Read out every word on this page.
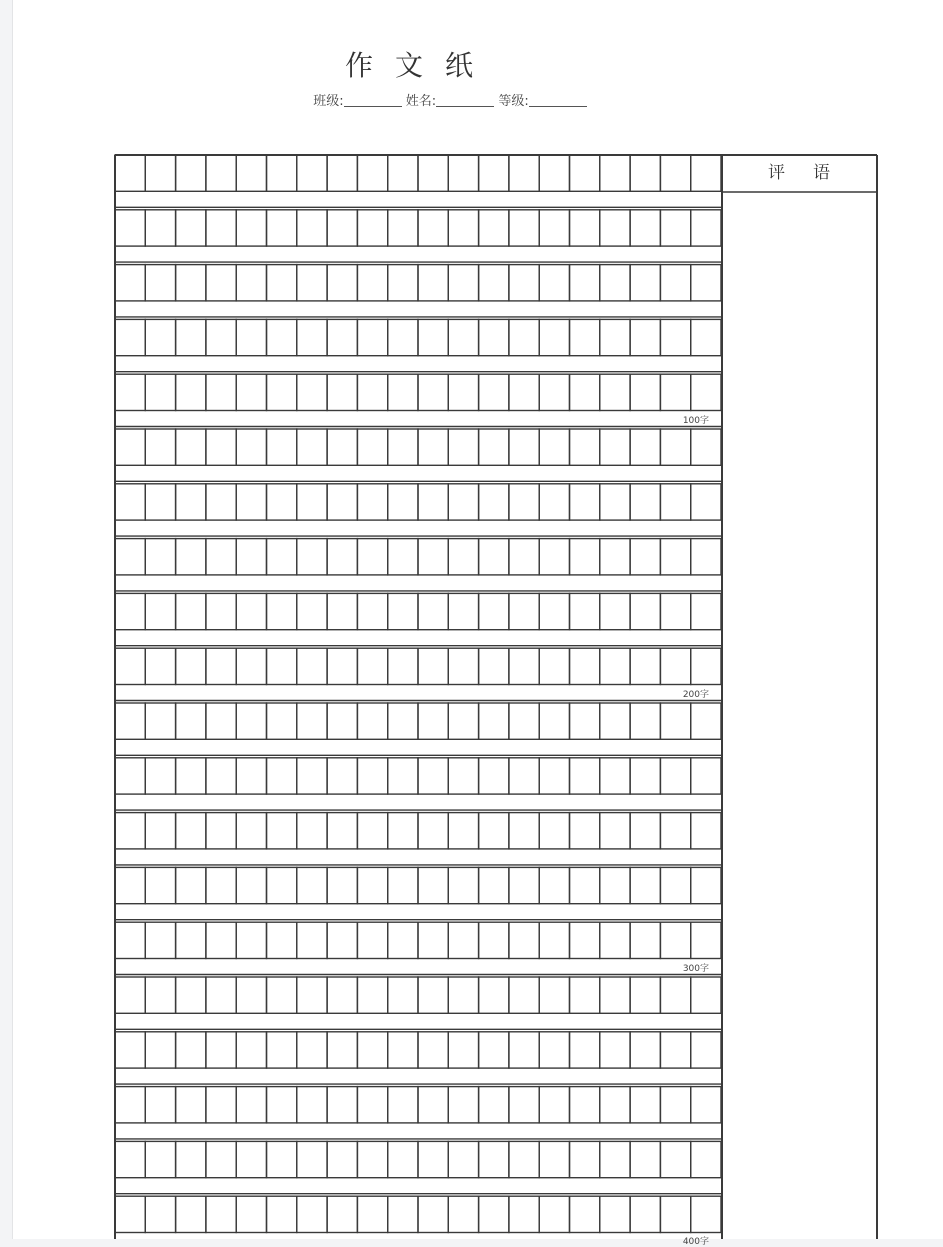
作文纸
班级:	姓名:	等级:
评语
100字
200字
300字
400字
